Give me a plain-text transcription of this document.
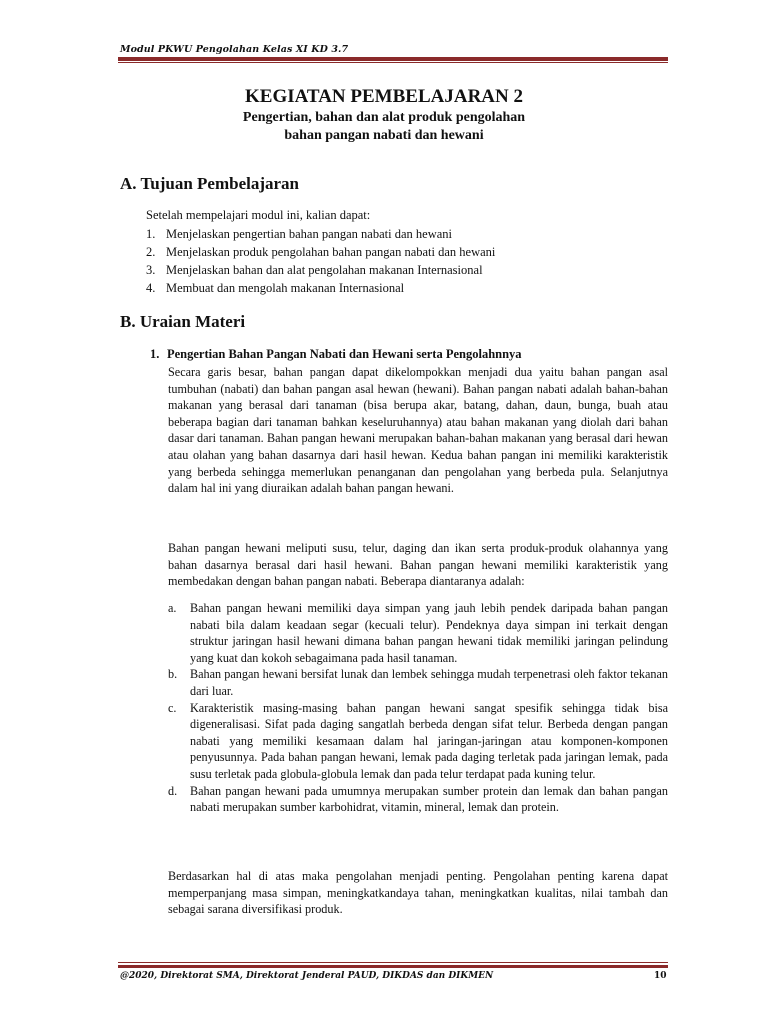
Modul PKWU Pengolahan Kelas XI KD 3.7
KEGIATAN PEMBELAJARAN 2
Pengertian, bahan dan alat produk pengolahan
bahan pangan nabati dan hewani
A. Tujuan Pembelajaran
Setelah mempelajari modul ini, kalian dapat:
1. Menjelaskan pengertian bahan pangan nabati dan hewani
2. Menjelaskan produk pengolahan bahan pangan nabati dan hewani
3. Menjelaskan bahan dan alat pengolahan makanan Internasional
4. Membuat dan mengolah makanan Internasional
B. Uraian Materi
1. Pengertian Bahan Pangan Nabati dan Hewani serta Pengolahnnya
Secara garis besar, bahan pangan dapat dikelompokkan menjadi dua yaitu bahan pangan asal tumbuhan (nabati) dan bahan pangan asal hewan (hewani). Bahan pangan nabati adalah bahan-bahan makanan yang berasal dari tanaman (bisa berupa akar, batang, dahan, daun, bunga, buah atau beberapa bagian dari tanaman bahkan keseluruhannya) atau bahan makanan yang diolah dari bahan dasar dari tanaman. Bahan pangan hewani merupakan bahan-bahan makanan yang berasal dari hewan atau olahan yang bahan dasarnya dari hasil hewan. Kedua bahan pangan ini memiliki karakteristik yang berbeda sehingga memerlukan penanganan dan pengolahan yang berbeda pula. Selanjutnya dalam hal ini yang diuraikan adalah bahan pangan hewani.
Bahan pangan hewani meliputi susu, telur, daging dan ikan serta produk-produk olahannya yang bahan dasarnya berasal dari hasil hewani. Bahan pangan hewani memiliki karakteristik yang membedakan dengan bahan pangan nabati. Beberapa diantaranya adalah:
a.	Bahan pangan hewani memiliki daya simpan yang jauh lebih pendek daripada bahan pangan nabati bila dalam keadaan segar (kecuali telur). Pendeknya daya simpan ini terkait dengan struktur jaringan hasil hewani dimana bahan pangan hewani tidak memiliki jaringan pelindung yang kuat dan kokoh sebagaimana pada hasil tanaman.
b.	Bahan pangan hewani bersifat lunak dan lembek sehingga mudah terpenetrasi oleh faktor tekanan dari luar.
c.	Karakteristik masing-masing bahan pangan hewani sangat spesifik sehingga tidak bisa digeneralisasi. Sifat pada daging sangatlah berbeda dengan sifat telur. Berbeda dengan pangan nabati yang memiliki kesamaan dalam hal jaringan-jaringan atau komponen-komponen penyusunnya. Pada bahan pangan hewani, lemak pada daging terletak pada jaringan lemak, pada susu terletak pada globula-globula lemak dan pada telur terdapat pada kuning telur.
d.	Bahan pangan hewani pada umumnya merupakan sumber protein dan lemak dan bahan pangan nabati merupakan sumber karbohidrat, vitamin, mineral, lemak dan protein.
Berdasarkan hal di atas maka pengolahan menjadi penting. Pengolahan penting karena dapat memperpanjang masa simpan, meningkatkandaya tahan, meningkatkan kualitas, nilai tambah dan sebagai sarana diversifikasi produk.
@2020, Direktorat SMA, Direktorat Jenderal PAUD, DIKDAS dan DIKMEN	10
